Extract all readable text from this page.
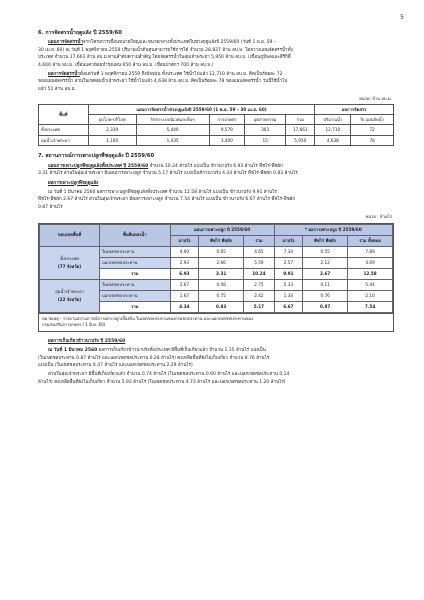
5
6. การจัดสรรน้ำฤดูแล้ง ปี 2559/60
แผนการจัดสรรน้ำจากโครงการเขื่อนขนาดใหญ่และขนาดกลางทั้งประเทศในช่วงฤดูแล้งปี 2559/60 (วันที่ 1 พ.ย. 59 –
30 เม.ย. 60) ณ วันที่ 1 พฤศจิกายน 2559 ปริมาณน้ำต้นทุนสามารถใช้การได้ จำนวน 28,837 ล้าน ลบ.ม. โดยวางแผนจัดสรรน้ำทั้ง
ประเทศ จำนวน 17,661 ล้าน ลบ.ม.ตามลำดับความสำคัญ โดยจัดสรรน้ำในลุ่มเจ้าพระยา 5,950 ล้าน ลบ.ม. (เขื่อนภูมิพลและสิริกิติ์
4,600 ล้าน ลบ.ม. เขื่อนแควน้อยบำรุงแดน 650 ล้าน ลบ.ม. เขื่อนป่าสักฯ 700 ล้าน ลบ.ม.)
ผลการจัดสรรน้ำตั้งแต่วันที่ 1 พฤศจิกายน 2559 ถึงปัจจุบัน ทั้งประเทศ ใช้น้ำไปแล้ว 12,710 ล้าน ลบ.ม. คิดเป็นร้อยละ 72
ของแผนจัดสรรน้ำ ส่วนในเขตลุ่มน้ำเจ้าพระยา ใช้น้ำไปแล้ว 4,638 ล้าน ลบ.ม. คิดเป็นร้อยละ 78 ของแผนจัดสรรน้ำ วันนี้ใช้น้ำไป
แล้ว 51 ล้าน ลบ.ม.
หน่วย: ล้าน ลบ.ม.
พื้นที่	แผนการจัดสรรน้ำช่วงฤดูแล้งปี 2559/60 (1 พ.ย. 59 – 30 เม.ย. 60)					ผลการจัดสรร	
	อุปโภค-บริโภค	รักษาระบบนิเวศและอื่นๆ	การเกษตร	อุตสาหกรรม	รวม	ปริมาณน้ำ	% แผนจัดน้ำ
ทั้งประเทศ	2,339	5,440	9,579	303	17,661	12,710	72
ลุ่มน้ำเจ้าพระยา	1,100	1,435	3,400	15	5,950	4,638	78
7. สถานการณ์การเพาะปลูกพืชฤดูแล้ง ปี 2559/60
แผนการเพาะปลูกพืชฤดูแล้งทั้งประเทศ ปี 2559/60 จำนวน 10.24 ล้านไร่ แบ่งเป็น ข้าวนาปรัง 6.93 ล้านไร่ พืชไร่-พืชผัก
3.31 ล้านไร่ ส่วนในลุ่มเจ้าพระยา มีแผนการเพาะปลูก จำนวน 5.17 ล้านไร่ แบ่งเป็นข้าวนาปรัง 4.34 ล้านไร่ พืชไร่-พืชผัก 0.83 ล้านไร่
ผลการเพาะปลูกพืชฤดูแล้ง
ณ วันที่ 1 มีนาคม 2560 ผลการเพาะปลูกพืชฤดูแล้งทั้งประเทศ จำนวน 12.58 ล้านไร่ แบ่งเป็น ข้าวนาปรัง 9.91 ล้านไร่
พืชไร่-พืชผัก 2.67 ล้านไร่ ส่วนในลุ่มเจ้าพระยา มีผลการเพาะปลูก จำนวน 7.54 ล้านไร่ แบ่งเป็น ข้าวนาปรัง 6.67 ล้านไร่ พืชไร่-พืชผัก
0.87 ล้านไร่
หน่วย : ล้านไร่
ขอบเขตพื้นที่	พื้นที่แหล่งน้ำ	แผนการเพาะปลูก ปี 2559/60			* ผลการเพาะปลูก ปี 2559/60		
		นาปรัง	พืชไร่ พืชผัก	รวม	นาปรัง	พืชไร่ พืชผัก	รวม ทั้งหมด
ทั้งประเทศ
(77 จังหวัด)	ในเขตชลประทาน	4.00	0.65	4.65	7.34	0.55	7.89
	นอกเขตชลประทาน	2.93	2.66	5.59	2.57	2.12	4.69
	รวม	6.93	3.31	10.24	9.91	2.67	12.58
ลุ่มน้ำเจ้าพระยา
(22 จังหวัด)	ในเขตชลประทาน	2.67	0.08	2.75	5.33	0.11	5.44
	นอกเขตชลประทาน	1.67	0.75	2.42	1.34	0.76	2.10
	รวม	4.34	0.83	5.17	6.67	0.87	7.54
หมายเหตุ : รายงานสถานการณ์การเพาะปลูกเบื้องต้น ในเขตชลประทานของกรมชลประทาน และนอกเขตชลประทานของ
กรมส่งเสริมการเกษตร ( 1 มี.ค. 60)
ผลการเก็บเกี่ยวข้าวนาปรัง ปี 2559/60
ณ วันที่ 1 มีนาคม 2560 ผลการเก็บเกี่ยวข้าวนาปรังทั้งประเทศ มีพื้นที่เก็บเกี่ยวแล้ว จำนวน 1.15 ล้านไร่ แบ่งเป็น
(ในเขตชลประทาน 0.87 ล้านไร่ และนอกเขตชลประทาน 0.28 ล้านไร่) คงเหลือพื้นที่ยังไม่เก็บเกี่ยว จำนวน 8.76 ล้านไร่
แบ่งเป็น (ในเขตชลประทาน 6.47 ล้านไร่ และนอกเขตชลประทาน 2.29 ล้านไร่)
ส่วนในลุ่มเจ้าพระยา มีพื้นที่เก็บเกี่ยวแล้ว จำนวน 0.74 ล้านไร่ (ในเขตชลประทาน 0.60 ล้านไร่ และนอกเขตชลประทาน 0.14
ล้านไร่) คงเหลือพื้นที่ยังไม่เก็บเกี่ยว จำนวน 5.93 ล้านไร่ (ในเขตชลประทาน 4.73 ล้านไร่ และนอกเขตชลประทาน 1.20 ล้านไร่)
